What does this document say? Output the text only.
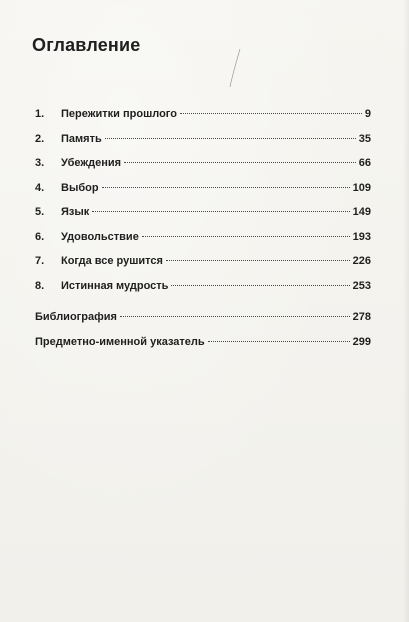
Оглавление
1.	Пережитки прошлого	9
2.	Память	35
3.	Убеждения	66
4.	Выбор	109
5.	Язык	149
6.	Удовольствие	193
7.	Когда все рушится	226
8.	Истинная мудрость	253
Библиография	278
Предметно-именной указатель	299
